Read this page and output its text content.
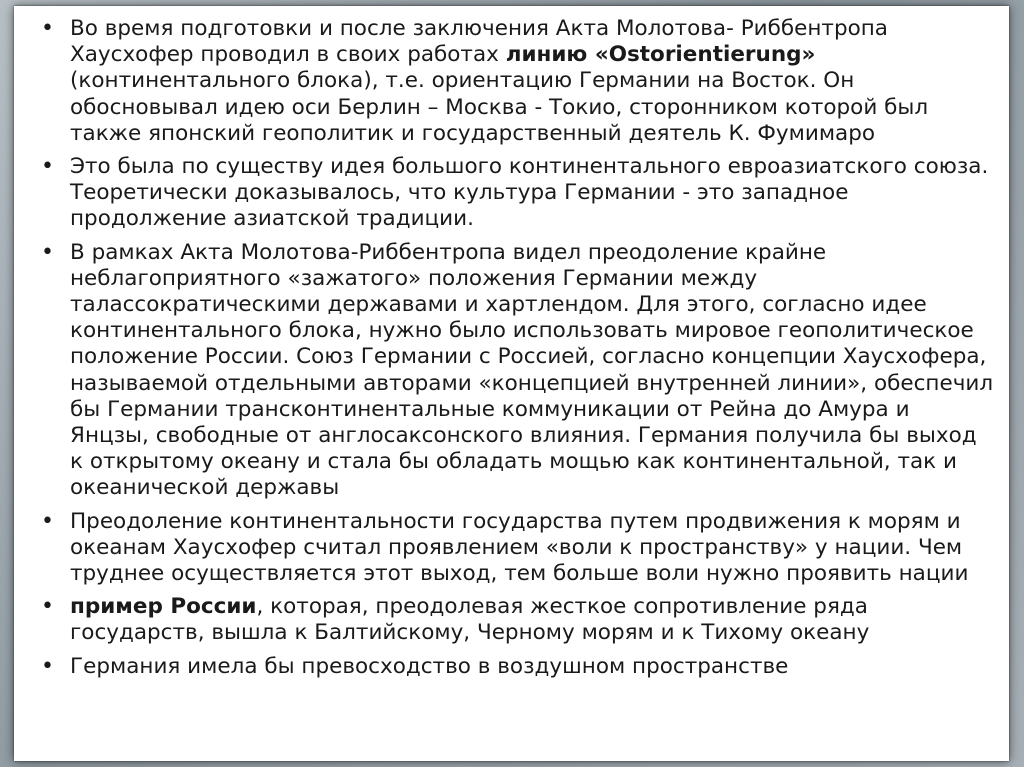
• Во время подготовки и после заключения Акта Молотова- Риббентропа Хаусхофер проводил в своих работах линию «Ostorientierung» (континентального блока), т.е. ориентацию Германии на Восток. Он обосновывал идею оси Берлин – Москва - Токио, сторонником которой был также японский геополитик и государственный деятель К. Фумимаро
• Это была по существу идея большого континентального евроазиатского союза. Теоретически доказывалось, что культура Германии - это западное продолжение азиатской традиции.
• В рамках Акта Молотова-Риббентропа видел преодоление крайне неблагоприятного «зажатого» положения Германии между талассократическими державами и хартлендом. Для этого, согласно идее континентального блока, нужно было использовать мировое геополитическое положение России. Союз Германии с Россией, согласно концепции Хаусхофера, называемой отдельными авторами «концепцией внутренней линии», обеспечил бы Германии трансконтинентальные коммуникации от Рейна до Амура и Янцзы, свободные от англосаксонского влияния. Германия получила бы выход к открытому океану и стала бы обладать мощью как континентальной, так и океанической державы
• Преодоление континентальности государства путем продвижения к морям и океанам Хаусхофер считал проявлением «воли к пространству» у нации. Чем труднее осуществляется этот выход, тем больше воли нужно проявить нации
• пример России, которая, преодолевая жесткое сопротивление ряда государств, вышла к Балтийскому, Черному морям и к Тихому океану
• Германия имела бы превосходство в воздушном пространстве
